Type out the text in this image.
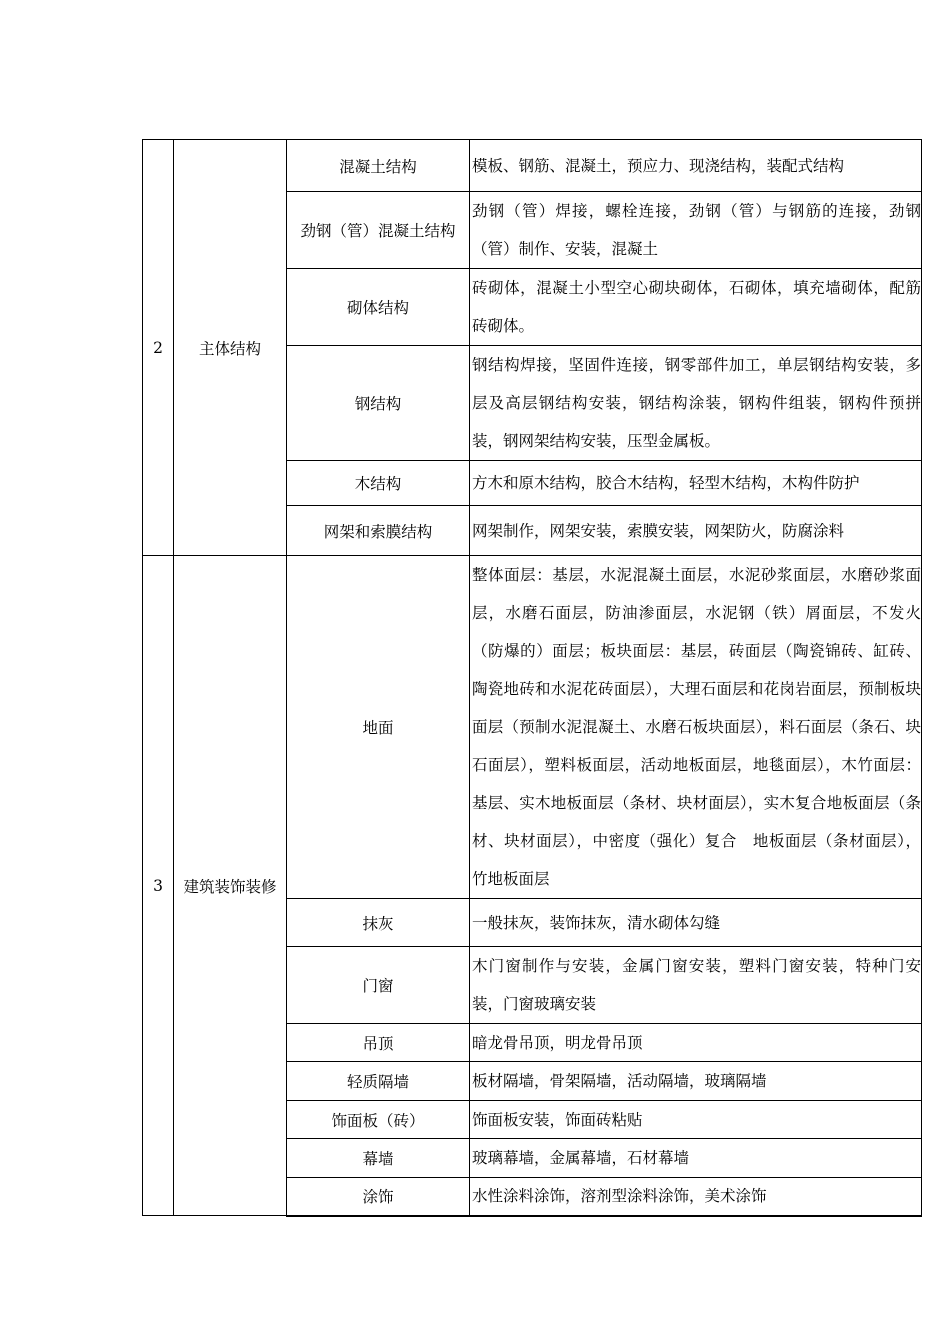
2	主体结构	混凝土结构	模板、钢筋、混凝土，预应力、现浇结构，装配式结构
		劲钢（管）混凝土结构	劲钢（管）焊接，螺栓连接，劲钢（管）与钢筋的连接，劲钢（管）制作、安装，混凝土
		砌体结构	砖砌体，混凝土小型空心砌块砌体，石砌体，填充墙砌体，配筋砖砌体。
		钢结构	钢结构焊接，坚固件连接，钢零部件加工，单层钢结构安装，多层及高层钢结构安装，钢结构涂装，钢构件组装，钢构件预拼装，钢网架结构安装，压型金属板。
		木结构	方木和原木结构，胶合木结构，轻型木结构，木构件防护
		网架和索膜结构	网架制作，网架安装，索膜安装，网架防火，防腐涂料
3	建筑装饰装修	地面	整体面层：基层，水泥混凝土面层，水泥砂浆面层，水磨砂浆面层，水磨石面层，防油渗面层，水泥钢（铁）屑面层，不发火（防爆的）面层；板块面层：基层，砖面层（陶瓷锦砖、缸砖、陶瓷地砖和水泥花砖面层），大理石面层和花岗岩面层，预制板块面层（预制水泥混凝土、水磨石板块面层），料石面层（条石、块石面层），塑料板面层，活动地板面层，地毯面层），木竹面层：基层、实木地板面层（条材、块材面层），实木复合地板面层（条材、块材面层），中密度（强化）复合　地板面层（条材面层），竹地板面层
		抹灰	一般抹灰，装饰抹灰，清水砌体勾缝
		门窗	木门窗制作与安装，金属门窗安装，塑料门窗安装，特种门安装，门窗玻璃安装
		吊顶	暗龙骨吊顶，明龙骨吊顶
		轻质隔墙	板材隔墙，骨架隔墙，活动隔墙，玻璃隔墙
		饰面板（砖）	饰面板安装，饰面砖粘贴
		幕墙	玻璃幕墙，金属幕墙，石材幕墙
		涂饰	水性涂料涂饰，溶剂型涂料涂饰，美术涂饰
